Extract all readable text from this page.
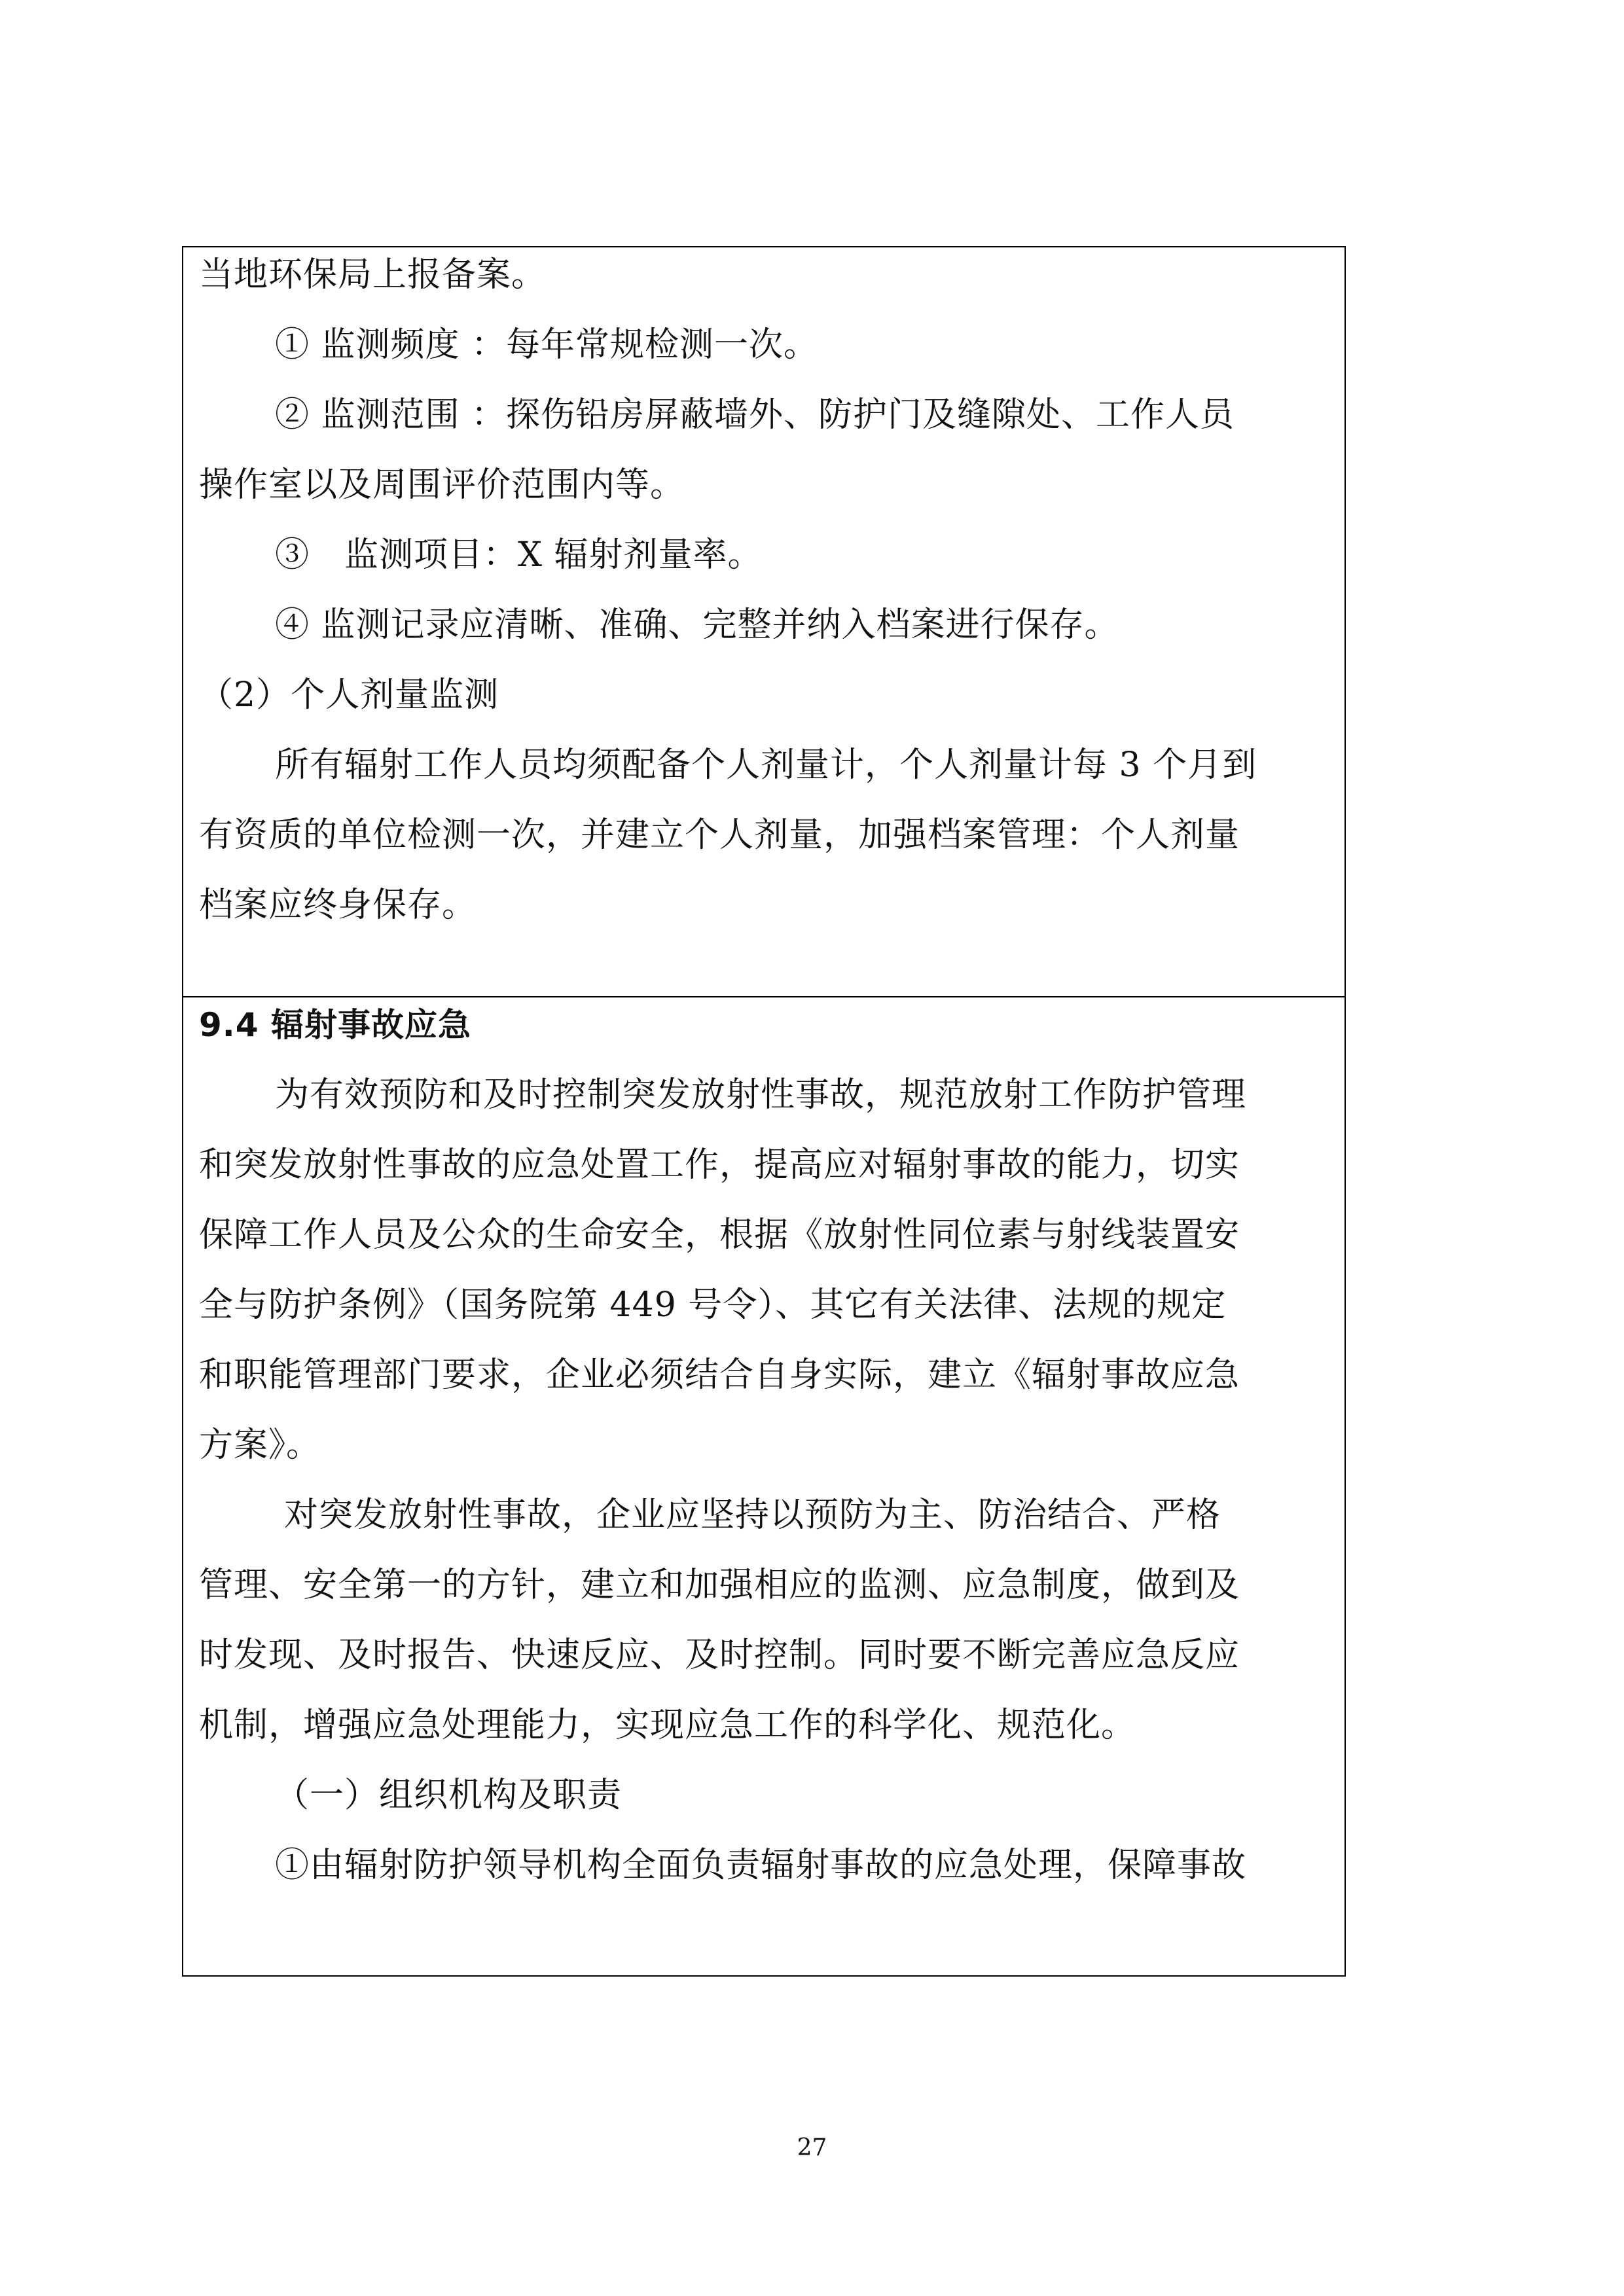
当地环保局上报备案。
① 监测频度 ：每年常规检测一次。
② 监测范围 ：探伤铅房屏蔽墙外、防护门及缝隙处、工作人员
操作室以及周围评价范围内等。
③　监测项目：X 辐射剂量率。
④ 监测记录应清晰、准确、完整并纳入档案进行保存。
（2）个人剂量监测
所有辐射工作人员均须配备个人剂量计，个人剂量计每 3 个月到
有资质的单位检测一次，并建立个人剂量，加强档案管理：个人剂量
档案应终身保存。
9.4 辐射事故应急
为有效预防和及时控制突发放射性事故，规范放射工作防护管理
和突发放射性事故的应急处置工作，提高应对辐射事故的能力，切实
保障工作人员及公众的生命安全，根据《放射性同位素与射线装置安
全与防护条例》（国务院第 449 号令）、其它有关法律、法规的规定
和职能管理部门要求，企业必须结合自身实际，建立《辐射事故应急
方案》。
对突发放射性事故，企业应坚持以预防为主、防治结合、严格
管理、安全第一的方针，建立和加强相应的监测、应急制度，做到及
时发现、及时报告、快速反应、及时控制。同时要不断完善应急反应
机制，增强应急处理能力，实现应急工作的科学化、规范化。
（一）组织机构及职责
①由辐射防护领导机构全面负责辐射事故的应急处理，保障事故
27
